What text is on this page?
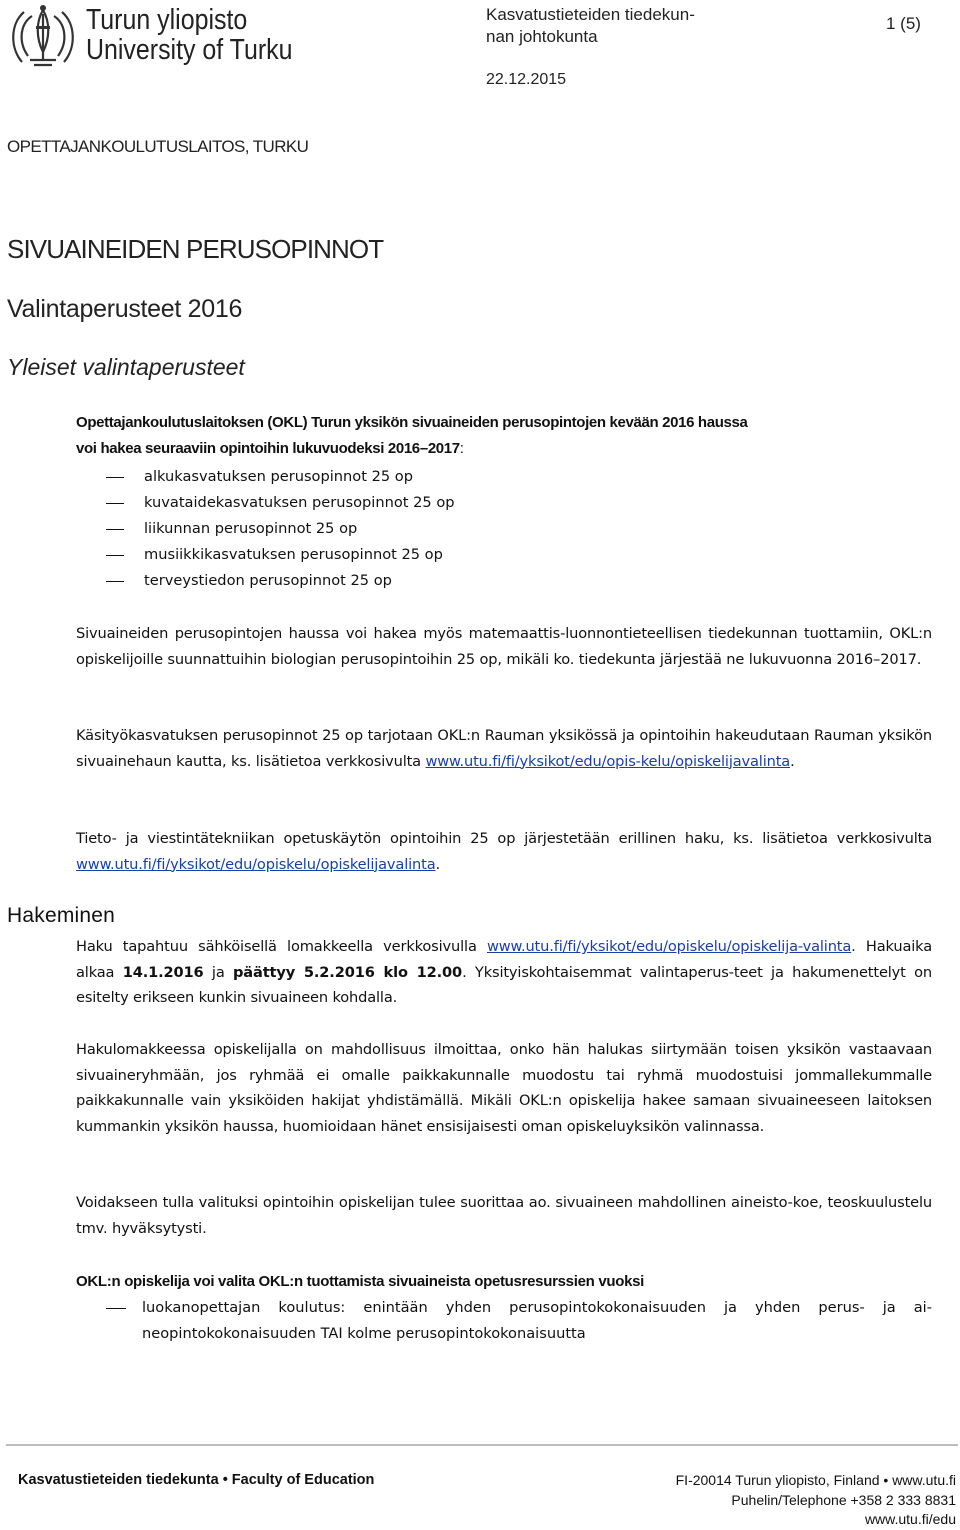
Turun yliopisto
University of Turku
Kasvatustieteiden tiedekun-
nan johtokunta
1 (5)
22.12.2015
OPETTAJANKOULUTUSLAITOS, TURKU
SIVUAINEIDEN PERUSOPINNOT
Valintaperusteet 2016
Yleiset valintaperusteet
Opettajankoulutuslaitoksen (OKL) Turun yksikön sivuaineiden perusopintojen kevään 2016 haussa
voi hakea seuraaviin opintoihin lukuvuodeksi 2016–2017:
alkukasvatuksen perusopinnot 25 op
kuvataidekasvatuksen perusopinnot 25 op
liikunnan perusopinnot 25 op
musiikkikasvatuksen perusopinnot 25 op
terveystiedon perusopinnot 25 op
Sivuaineiden perusopintojen haussa voi hakea myös matemaattis-luonnontieteellisen tiedekunnan tuottamiin, OKL:n opiskelijoille suunnattuihin biologian perusopintoihin 25 op, mikäli ko. tiedekunta järjestää ne lukuvuonna 2016–2017.
Käsityökasvatuksen perusopinnot 25 op tarjotaan OKL:n Rauman yksikössä ja opintoihin hakeudutaan Rauman yksikön sivuainehaun kautta, ks. lisätietoa verkkosivulta www.utu.fi/fi/yksikot/edu/opis-kelu/opiskelijavalinta.
Tieto- ja viestintätekniikan opetuskäytön opintoihin 25 op järjestetään erillinen haku, ks. lisätietoa verkkosivulta www.utu.fi/fi/yksikot/edu/opiskelu/opiskelijavalinta.
Hakeminen
Haku tapahtuu sähköisellä lomakkeella verkkosivulla www.utu.fi/fi/yksikot/edu/opiskelu/opiskelija-valinta. Hakuaika alkaa 14.1.2016 ja päättyy 5.2.2016 klo 12.00. Yksityiskohtaisemmat valintaperus-teet ja hakumenettelyt on esitelty erikseen kunkin sivuaineen kohdalla.
Hakulomakkeessa opiskelijalla on mahdollisuus ilmoittaa, onko hän halukas siirtymään toisen yksikön vastaavaan sivuaineryhmään, jos ryhmää ei omalle paikkakunnalle muodostu tai ryhmä muodostuisi jommallekummalle paikkakunnalle vain yksiköiden hakijat yhdistämällä. Mikäli OKL:n opiskelija hakee samaan sivuaineeseen laitoksen kummankin yksikön haussa, huomioidaan hänet ensisijaisesti oman opiskeluyksikön valinnassa.
Voidakseen tulla valituksi opintoihin opiskelijan tulee suorittaa ao. sivuaineen mahdollinen aineisto-koe, teoskuulustelu tmv. hyväksytysti.
OKL:n opiskelija voi valita OKL:n tuottamista sivuaineista opetusresurssien vuoksi
luokanopettajan koulutus: enintään yhden perusopintokokonaisuuden ja yhden perus- ja ai-neopintokokonaisuuden TAI kolme perusopintokokonaisuutta
Kasvatustieteiden tiedekunta • Faculty of Education	FI-20014 Turun yliopisto, Finland • www.utu.fi
Puhelin/Telephone +358 2 333 8831
www.utu.fi/edu
